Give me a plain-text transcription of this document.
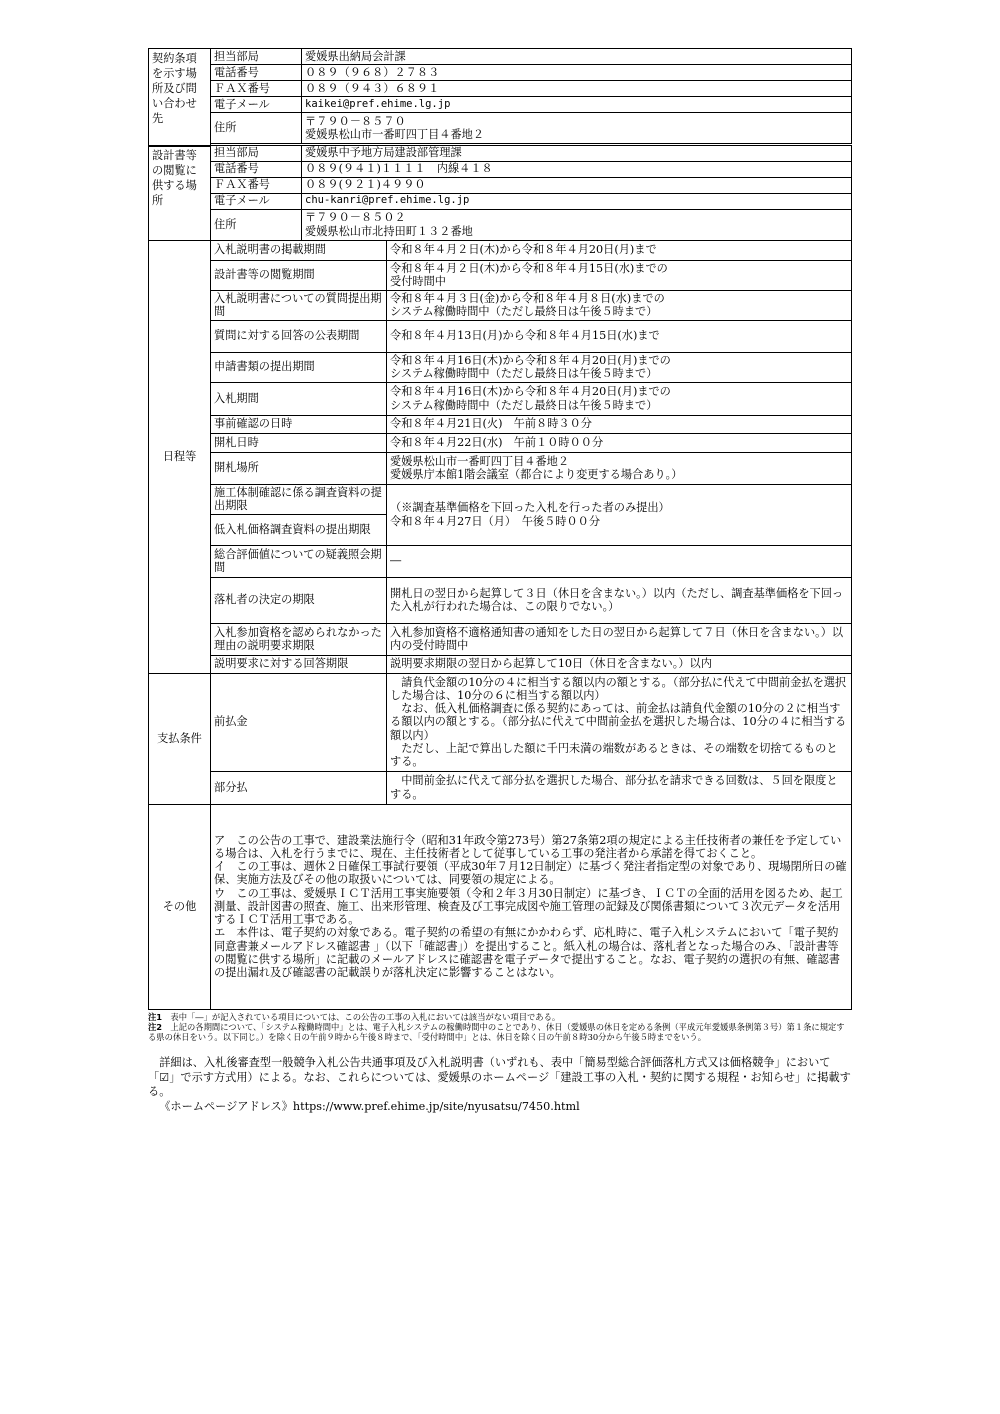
契約条項を示す場所及び問い合わせ先	担当部局	愛媛県出納局会計課
	電話番号	０８９（９６８）２７８３
	ＦＡＸ番号	０８９（９４３）６８９１
	電子メール	kaikei@pref.ehime.lg.jp
	住所	〒７９０－８５７０
愛媛県松山市一番町四丁目４番地２

設計書等の閲覧に供する場所	担当部局	愛媛県中予地方局建設部管理課
	電話番号	０８９(９４１)１１１１　内線４１８
	ＦＡＸ番号	０８９(９２１)４９９０
	電子メール	chu-kanri@pref.ehime.lg.jp
	住所	〒７９０－８５０２
愛媛県松山市北持田町１３２番地
日程等	入札説明書の掲載期間	令和８年４月２日(木)から令和８年４月20日(月)まで
	設計書等の閲覧期間	令和８年４月２日(木)から令和８年４月15日(水)までの
受付時間中

	入札説明書についての質問提出期間	令和８年４月３日(金)から令和８年４月８日(水)までの
システム稼働時間中（ただし最終日は午後５時まで）

	質問に対する回答の公表期間	令和８年４月13日(月)から令和８年４月15日(水)まで
	申請書類の提出期間	令和８年４月16日(木)から令和８年４月20日(月)までの
システム稼働時間中（ただし最終日は午後５時まで）

	入札期間	令和８年４月16日(木)から令和８年４月20日(月)までの
システム稼働時間中（ただし最終日は午後５時まで）

	事前確認の日時	令和８年４月21日(火)　午前８時３０分
	開札日時	令和８年４月22日(水)　午前１０時００分
	開札場所	愛媛県松山市一番町四丁目４番地２
愛媛県庁本館1階会議室（都合により変更する場合あり。）

	施工体制確認に係る調査資料の提出期限	（※調査基準価格を下回った入札を行った者のみ提出）
令和８年４月27日（月）　午後５時００分

	低入札価格調査資料の提出期限	
	総合評価値についての疑義照会期間	―
	落札者の決定の期限	開札日の翌日から起算して３日（休日を含まない。）以内（ただし、調査基準価格を下回った入札が行われた場合は、この限りでない。）
	入札参加資格を認められなかった理由の説明要求期限	入札参加資格不適格通知書の通知をした日の翌日から起算して７日（休日を含まない。）以内の受付時間中
	説明要求に対する回答期限	説明要求期限の翌日から起算して10日（休日を含まない。）以内
支払条件	前払金	請負代金額の10分の４に相当する額以内の額とする。（部分払に代えて中間前金払を選択した場合は、10分の６に相当する額以内）
なお、低入札価格調査に係る契約にあっては、前金払は請負代金額の10分の２に相当する額以内の額とする。（部分払に代えて中間前金払を選択した場合は、10分の４に相当する額以内）
ただし、上記で算出した額に千円未満の端数があるときは、その端数を切捨てるものとする。

	部分払	中間前金払に代えて部分払を選択した場合、部分払を請求できる回数は、５回を限度とする。
その他	
ア　この公告の工事で、建設業法施行令（昭和31年政令第273号）第27条第2項の規定による主任技術者の兼任を予定している場合は、入札を行うまでに、現在、主任技術者として従事している工事の発注者から承諾を得ておくこと。
イ　この工事は、週休２日確保工事試行要領（平成30年７月12日制定）に基づく発注者指定型の対象であり、現場閉所日の確保、実施方法及びその他の取扱いについては、同要領の規定による。
ウ　この工事は、愛媛県ＩＣＴ活用工事実施要領（令和２年３月30日制定）に基づき、ＩＣＴの全面的活用を図るため、起工測量、設計図書の照査、施工、出来形管理、検査及び工事完成図や施工管理の記録及び関係書類について３次元データを活用するＩＣＴ活用工事である。
エ　本件は、電子契約の対象である。電子契約の希望の有無にかかわらず、応札時に、電子入札システムにおいて「電子契約同意書兼メールアドレス確認書 」（以下「確認書」）を提出すること。紙入札の場合は、落札者となった場合のみ、「設計書等の閲覧に供する場所」に記載のメールアドレスに確認書を電子データで提出すること。なお、電子契約の選択の有無、確認書の提出漏れ及び確認書の記載誤りが落札決定に影響することはない。
注1　 表中「―」が記入されている項目については、この公告の工事の入札においては該当がない項目である。
注2　 上記の各期間について、「システム稼働時間中」とは、電子入札システムの稼働時間中のことであり、休日（愛媛県の休日を定める条例（平成元年愛媛県条例第３号）第１条に規定する県の休日をいう。以下同じ。）を除く日の午前９時から午後８時まで、「受付時間中」とは、休日を除く日の午前８時30分から午後５時までをいう。

詳細は、入札後審査型一般競争入札公告共通事項及び入札説明書（いずれも、表中「簡易型総合評価落札方式又は価格競争」において「☑」で示す方式用）による。なお、これらについては、愛媛県のホームページ「建設工事の入札・契約に関する規程・お知らせ」に掲載する。

《ホームページアドレス》https://www.pref.ehime.jp/site/nyusatsu/7450.html
